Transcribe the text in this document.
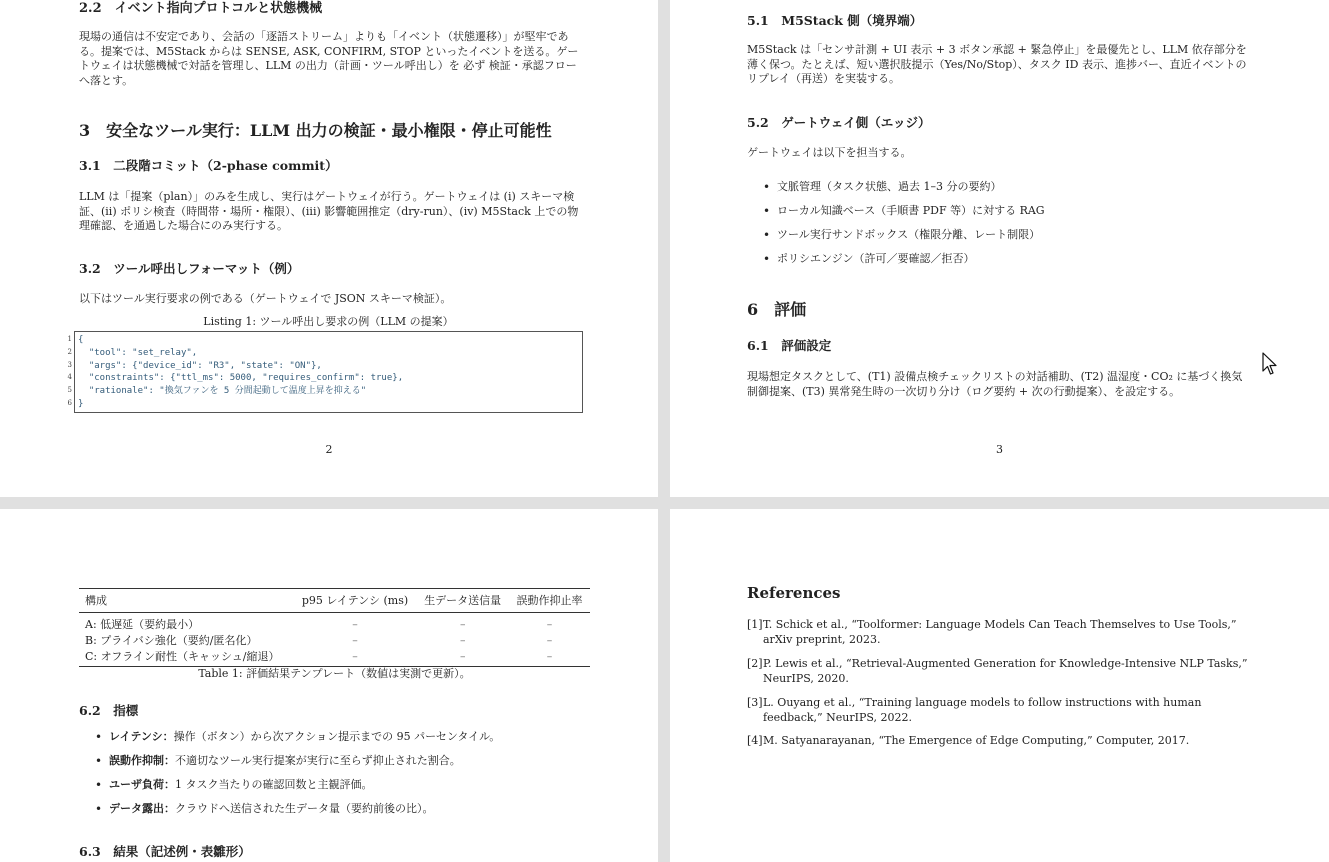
2.2　イベント指向プロトコルと状態機械
現場の通信は不安定であり、会話の「逐語ストリーム」よりも「イベント（状態遷移）」が堅牢である。提案では、M5Stack からは SENSE, ASK, CONFIRM, STOP といったイベントを送る。ゲートウェイは状態機械で対話を管理し、LLM の出力（計画・ツール呼出し）を 必ず 検証・承認フローへ落とす。
3　安全なツール実行：LLM 出力の検証・最小権限・停止可能性
3.1　二段階コミット（2-phase commit）
LLM は「提案（plan）」のみを生成し、実行はゲートウェイが行う。ゲートウェイは (i) スキーマ検証、(ii) ポリシ検査（時間帯・場所・権限）、(iii) 影響範囲推定（dry-run）、(iv) M5Stack 上での物理確認、を通過した場合にのみ実行する。
3.2　ツール呼出しフォーマット（例）
以下はツール実行要求の例である（ゲートウェイで JSON スキーマ検証）。
Listing 1: ツール呼出し要求の例（LLM の提案）
1
2
3
4
5
6
{
"tool": "set_relay",
"args": {"device_id": "R3", "state": "ON"},
"constraints": {"ttl_ms": 5000, "requires_confirm": true},
"rationale": "換気ファンを 5 分間起動して温度上昇を抑える"
}
2
5.1　M5Stack 側（境界端）
M5Stack は「センサ計測 + UI 表示 + 3 ボタン承認 + 緊急停止」を最優先とし、LLM 依存部分を薄く保つ。たとえば、短い選択肢提示（Yes/No/Stop）、タスク ID 表示、進捗バー、直近イベントのリプレイ（再送）を実装する。
5.2　ゲートウェイ側（エッジ）
ゲートウェイは以下を担当する。
• 文脈管理（タスク状態、過去 1–3 分の要約）
• ローカル知識ベース（手順書 PDF 等）に対する RAG
• ツール実行サンドボックス（権限分離、レート制限）
• ポリシエンジン（許可／要確認／拒否）
6　評価
6.1　評価設定
現場想定タスクとして、(T1) 設備点検チェックリストの対話補助、(T2) 温湿度・CO₂ に基づく換気制御提案、(T3) 異常発生時の一次切り分け（ログ要約 + 次の行動提案）、を設定する。
3
構成	p95 レイテンシ (ms)	生データ送信量	誤動作抑止率
A: 低遅延（要約最小）	–	–	–
B: プライバシ強化（要約/匿名化）	–	–	–
C: オフライン耐性（キャッシュ/縮退）	–	–	–
Table 1: 評価結果テンプレート（数値は実測で更新）。
6.2　指標
• レイテンシ：操作（ボタン）から次アクション提示までの 95 パーセンタイル。
• 誤動作抑制：不適切なツール実行提案が実行に至らず抑止された割合。
• ユーザ負荷：1 タスク当たりの確認回数と主観評価。
• データ露出：クラウドへ送信された生データ量（要約前後の比）。
6.3　結果（記述例・表雛形）
References
[1] T. Schick et al., “Toolformer: Language Models Can Teach Themselves to Use Tools,” arXiv preprint, 2023.
[2] P. Lewis et al., “Retrieval-Augmented Generation for Knowledge-Intensive NLP Tasks,” NeurIPS, 2020.
[3] L. Ouyang et al., “Training language models to follow instructions with human feedback,” NeurIPS, 2022.
[4] M. Satyanarayanan, “The Emergence of Edge Computing,” Computer, 2017.
